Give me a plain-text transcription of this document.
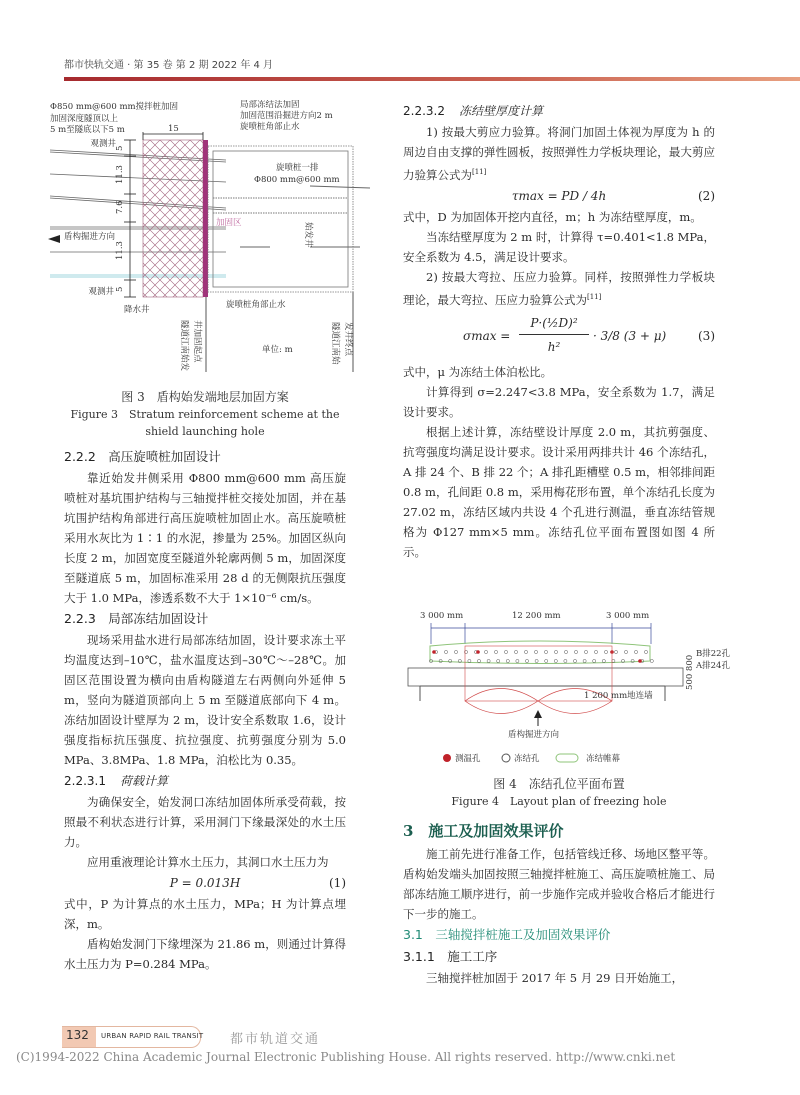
都市快轨交通 · 第 35 卷 第 2 期 2022 年 4 月
Φ850 mm@600 mm搅拌桩加固
加固深度隧顶以上
5 m至隧底以下5 m
局部冻结法加固
加固范围沿掘进方向2 m
旋喷桩角部止水
15
观测井
旋喷桩一排
Φ800 mm@600 mm
盾构掘进方向
加固区	始发井
5
11.3
7.6
11.3
5
观测井
降水井	旋喷桩角部止水
隧道江南始发 井加固起点	隧道江南始 发井终点
单位: m
图 3　盾构始发端地层加固方案
Figure 3　Stratum reinforcement scheme at the
shield launching hole

2.2.2　高压旋喷桩加固设计

靠近始发井侧采用 Φ800 mm@600 mm 高压旋喷桩对基坑围护结构与三轴搅拌桩交接处加固，并在基坑围护结构角部进行高压旋喷桩加固止水。高压旋喷桩采用水灰比为 1∶1 的水泥，掺量为 25%。加固区纵向长度 2 m，加固宽度至隧道外轮廓两侧 5 m，加固深度至隧道底 5 m，加固标准采用 28 d 的无侧限抗压强度大于 1.0 MPa，渗透系数不大于 1×10⁻⁶ cm/s。

2.2.3　局部冻结加固设计

现场采用盐水进行局部冻结加固，设计要求冻土平均温度达到–10℃，盐水温度达到–30℃～–28℃。加固区范围设置为横向由盾构隧道左右两侧向外延伸 5 m，竖向为隧道顶部向上 5 m 至隧道底部向下 4 m。冻结加固设计壁厚为 2 m，设计安全系数取 1.6，设计强度指标抗压强度、抗拉强度、抗剪强度分别为 5.0 MPa、3.8MPa、1.8 MPa，泊松比为 0.35。

2.2.3.1 荷载计算

为确保安全，始发洞口冻结加固体所承受荷载，按照最不利状态进行计算，采用洞门下缘最深处的水土压力。

应用重液理论计算水土压力，其洞口水土压力为

P = 0.013H	(1)

式中，P 为计算点的水土压力，MPa；H 为计算点埋深，m。

盾构始发洞门下缘埋深为 21.86 m，则通过计算得水土压力为 P=0.284 MPa。

2.2.3.2 冻结壁厚度计算

1) 按最大剪应力验算。将洞门加固土体视为厚度为 h 的周边自由支撑的弹性圆板，按照弹性力学板块理论，最大剪应力验算公式为[11]

τmax = PD / 4h	(2)

式中，D 为加固体开挖内直径，m；h 为冻结壁厚度，m。

当冻结壁厚度为 2 m 时，计算得 τ=0.401<1.8 MPa，安全系数为 4.5，满足设计要求。

2) 按最大弯拉、压应力验算。同样，按照弹性力学板块理论，最大弯拉、压应力验算公式为[11]

σmax =
P·(½D)²
h²
· 3/8 (3 + μ)	(3)

式中，μ 为冻结土体泊松比。

计算得到 σ=2.247<3.8 MPa，安全系数为 1.7，满足设计要求。

根据上述计算，冻结壁设计厚度 2.0 m，其抗剪强度、抗弯强度均满足设计要求。设计采用两排共计 46 个冻结孔，A 排 24 个、B 排 22 个；A 排孔距槽壁 0.5 m，相邻排间距 0.8 m，孔间距 0.8 m，采用梅花形布置，单个冻结孔长度为 27.02 m，冻结区域内共设 4 个孔进行测温，垂直冻结管规格为 Φ127 mm×5 mm。冻结孔位平面布置图如图 4 所示。

3 000 mm	12 200 mm	3 000 mm
盾构掘进方向
1 200 mm地连墙
B排22孔
A排24孔
500 800
测温孔	冻结孔	冻结帷幕
图 4　冻结孔位平面布置
Figure 4　Layout plan of freezing hole

3　施工及加固效果评价

施工前先进行准备工作，包括管线迁移、场地区整平等。盾构始发端头加固按照三轴搅拌桩施工、高压旋喷桩施工、局部冻结施工顺序进行，前一步施作完成并验收合格后才能进行下一步的施工。

3.1　三轴搅拌桩施工及加固效果评价

3.1.1　施工工序

三轴搅拌桩加固于 2017 年 5 月 29 日开始施工，

都市轨道交通
132 URBAN RAPID RAIL TRANSIT
(C)1994-2022 China Academic Journal Electronic Publishing House. All rights reserved. http://www.cnki.net
